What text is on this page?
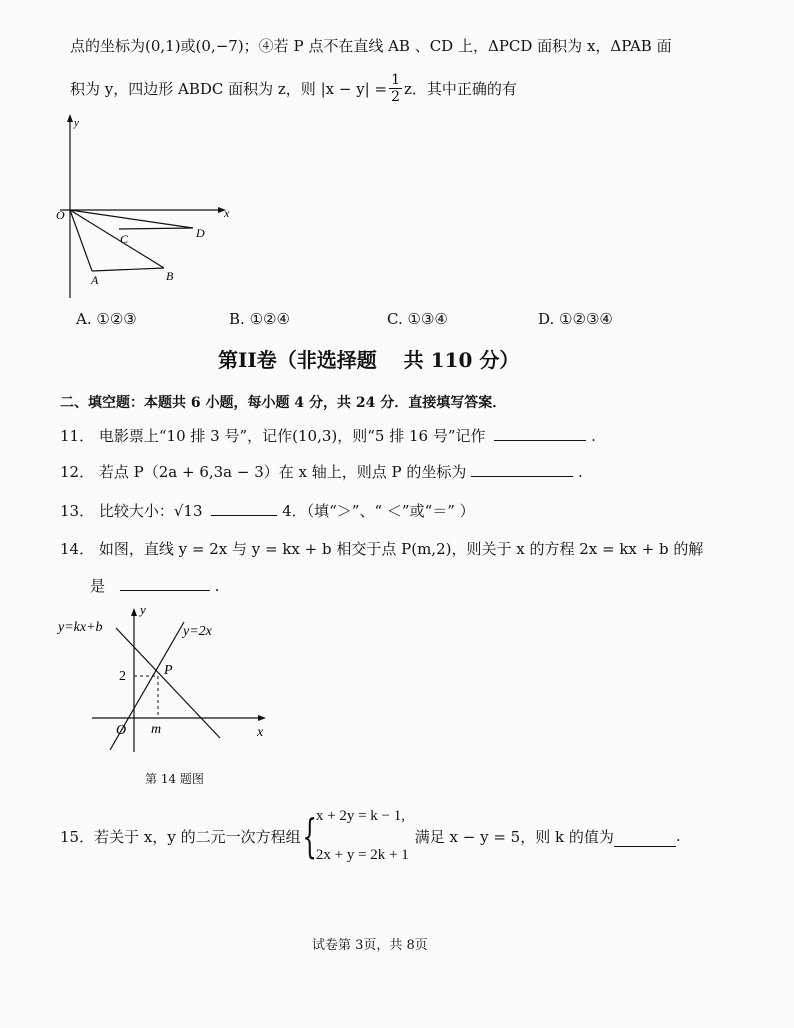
点的坐标为(0,1)或(0,−7)；④若 P 点不在直线 AB 、CD 上，ΔPCD 面积为 x，ΔPAB 面
积为 y，四边形 ABDC 面积为 z，则 $|x - y| = \frac{1}{2}$ z．其中正确的有
y
x
O
A	B
C	D
A. ①②③	B. ①②④	C. ①③④	D. ①②③④
第II卷（非选择题　 共 110 分）
二、填空题：本题共 6 小题，每小题 4 分，共 24 分．直接填写答案．
11． 电影票上“10 排 3 号”，记作(10,3)，则“5 排 16 号”记作	.
12． 若点 P（2a + 6,3a − 3）在 x 轴上，则点 P 的坐标为	.
13． 比较大小：√13	4．（填“＞”、“ ＜”或“＝” ）
14． 如图，直线 y = 2x 与 y = kx + b 相交于点 P(m,2)，则关于 x 的方程 2x = kx + b 的解
是	.
y
x
O
P
m
2
y=kx+b	y=2x
第 14 题图
15． 若关于 x，y 的二元一次方程组 { x + 2y = k − 1,
2x + y = 2k + 1
满足 x − y = 5，则 k 的值为	.
试卷第 3页，共 8页
